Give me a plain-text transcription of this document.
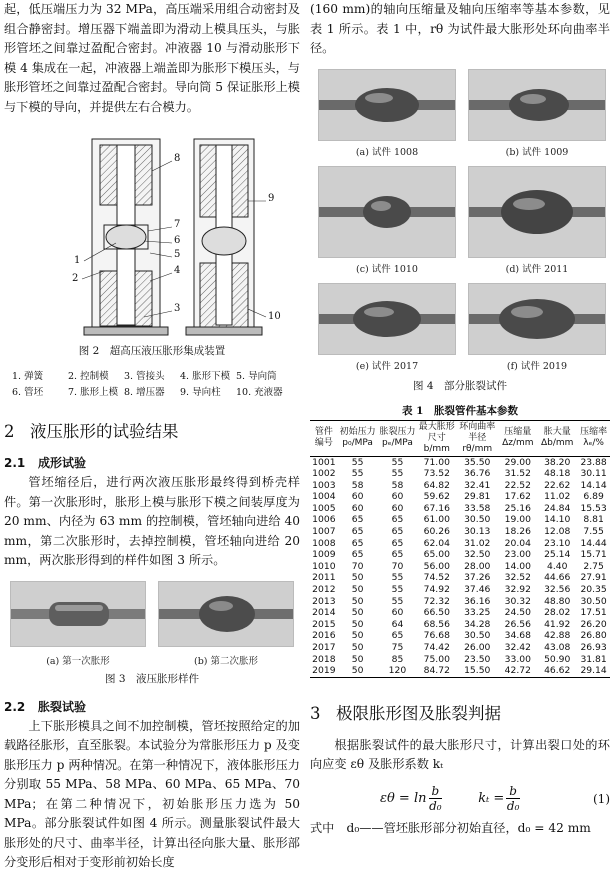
起，低压端压力为 32 MPa，高压端采用组合动密封及组合静密封。增压器下端盖即为滑动上模具压头，与胀形管坯之间靠过盈配合密封。冲液器 10 与滑动胀形下模 4 集成在一起，冲液器上端盖即为胀形下模压头，与胀形管坯之间靠过盈配合密封。导向筒 5 保证胀形上模与下模的导向，并提供左右合模力。

1
2
8
7
6
5
4
3
9
10
图 2　超高压液压胀形集成装置
1. 弹簧	2. 控制模	3. 管接头	4. 胀形下模 5. 导向筒
6. 管坯	7. 胀形上模 8. 增压器	9. 导向柱	10. 充液器
2 液压胀形的试验结果
2.1 成形试验

管坯缩径后，进行两次液压胀形最终得到桥壳样件。第一次胀形时，胀形上模与胀形下模之间装厚度为 20 mm、内径为 63 mm 的控制模，管坯轴向进给 40 mm，第二次胀形时，去掉控制模，管坯轴向进给 20 mm，两次胀形得到的样件如图 3 所示。

(a) 第一次胀形	(b) 第二次胀形
图 3　液压胀形样件
2.2 胀裂试验

上下胀形模具之间不加控制模，管坯按照给定的加载路径胀形，直至胀裂。本试验分为常胀形压力 p 及变胀形压力 p 两种情况。在第一种情况下，液体胀形压力分别取 55 MPa、58 MPa、60 MPa、65 MPa、70 MPa；在第二种情况下，初始胀形压力选为 50 MPa。部分胀裂试件如图 4 所示。测量胀裂试件最大胀形处的尺寸、曲率半径，计算出径向胀大量、胀形部分变形后相对于变形前初始长度

(160 mm)的轴向压缩量及轴向压缩率等基本参数，见表 1 所示。表 1 中，rθ 为试件最大胀形处环向曲率半径。

(a) 试件 1008	(b) 试件 1009
(c) 试件 1010	(d) 试件 2011
(e) 试件 2017	(f) 试件 2019
图 4　部分胀裂试件
表 1　胀裂管件基本参数
管件编号	初始压力 p₀/MPa	胀裂压力 pₑ/MPa	最大胀形尺寸 b/mm	环向曲率半径 rθ/mm	压缩量 Δz/mm	胀大量 Δb/mm	压缩率 λₑ/%
1001	55	55	71.00	35.50	29.00	38.20	23.88
1002	55	55	73.52	36.76	31.52	48.18	30.11
1003	58	58	64.82	32.41	22.52	22.62	14.14
1004	60	60	59.62	29.81	17.62	11.02	6.89
1005	60	60	67.16	33.58	25.16	24.84	15.53
1006	65	65	61.00	30.50	19.00	14.10	8.81
1007	65	65	60.26	30.13	18.26	12.08	7.55
1008	65	65	62.04	31.02	20.04	23.10	14.44
1009	65	65	65.00	32.50	23.00	25.14	15.71
1010	70	70	56.00	28.00	14.00	4.40	2.75
2011	50	55	74.52	37.26	32.52	44.66	27.91
2012	50	55	74.92	37.46	32.92	32.56	20.35
2013	50	55	72.32	36.16	30.32	48.80	30.50
2014	50	60	66.50	33.25	24.50	28.02	17.51
2015	50	64	68.56	34.28	26.56	41.92	26.20
2016	50	65	76.68	30.50	34.68	42.88	26.80
2017	50	75	74.42	26.00	32.42	43.08	26.93
2018	50	85	75.00	23.50	33.00	50.90	31.81
2019	50	120	84.72	15.50	42.72	46.62	29.14
3 极限胀形图及胀裂判据

根据胀裂试件的最大胀形尺寸，计算出裂口处的环向应变 εθ 及胀形系数 kₜ

$\varepsilon\theta = \ln \frac{b}{\text{d₀}}$	$k_t = \frac{b}{\text{d₀}}$	(1)

式中　d₀——管坯胀形部分初始直径，d₀ = 42 mm
